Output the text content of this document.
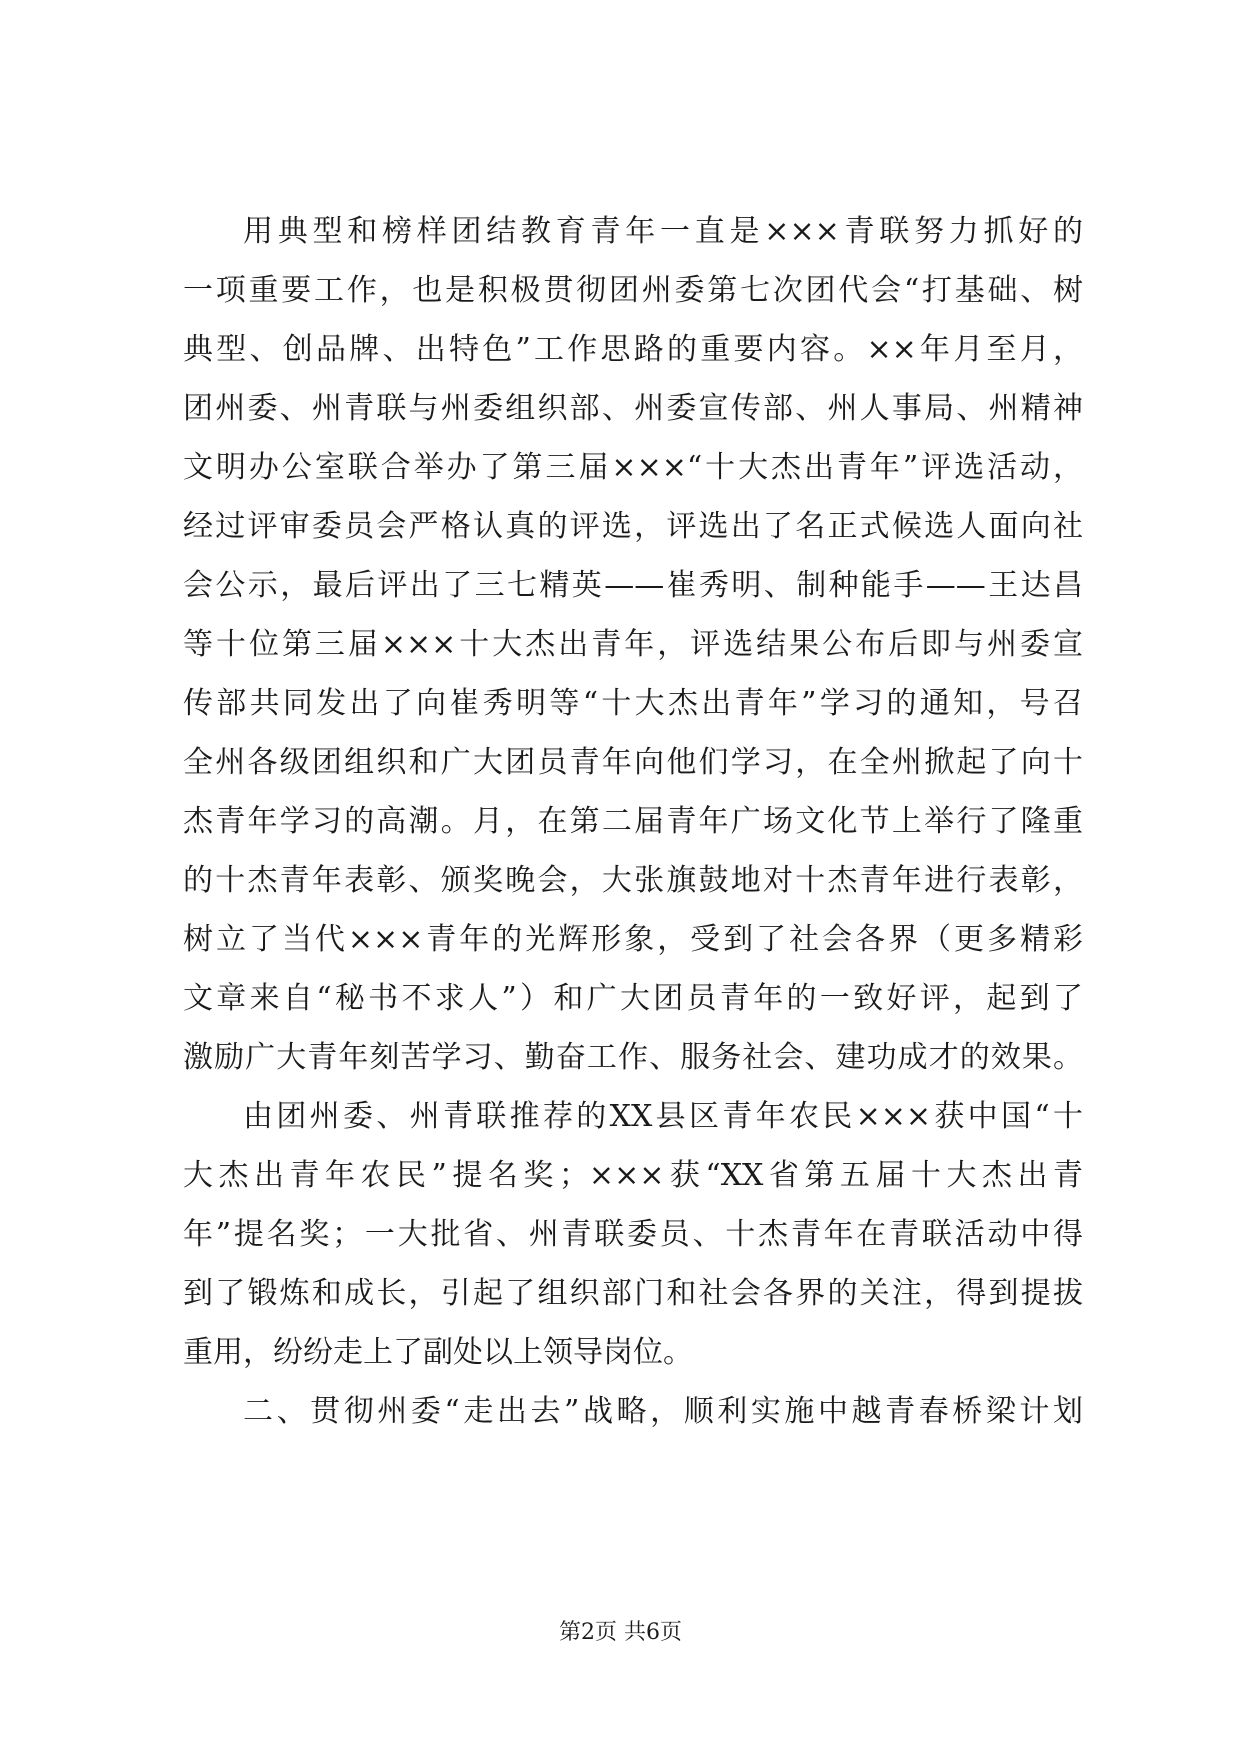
用典型和榜样团结教育青年一直是×××青联努力抓好的
一项重要工作，也是积极贯彻团州委第七次团代会“打基础、树
典型、创品牌、出特色”工作思路的重要内容。××年月至月，
团州委、州青联与州委组织部、州委宣传部、州人事局、州精神
文明办公室联合举办了第三届×××“十大杰出青年”评选活动，
经过评审委员会严格认真的评选，评选出了名正式候选人面向社
会公示，最后评出了三七精英——崔秀明、制种能手——王达昌
等十位第三届×××十大杰出青年，评选结果公布后即与州委宣
传部共同发出了向崔秀明等“十大杰出青年”学习的通知，号召
全州各级团组织和广大团员青年向他们学习，在全州掀起了向十
杰青年学习的高潮。月，在第二届青年广场文化节上举行了隆重
的十杰青年表彰、颁奖晚会，大张旗鼓地对十杰青年进行表彰，
树立了当代×××青年的光辉形象，受到了社会各界（更多精彩
文章来自“秘书不求人”）和广大团员青年的一致好评，起到了
激励广大青年刻苦学习、勤奋工作、服务社会、建功成才的效果。
由团州委、州青联推荐的XX县区青年农民×××获中国“十
大杰出青年农民”提名奖；×××获“XX省第五届十大杰出青
年”提名奖；一大批省、州青联委员、十杰青年在青联活动中得
到了锻炼和成长，引起了组织部门和社会各界的关注，得到提拔
重用，纷纷走上了副处以上领导岗位。
二、贯彻州委“走出去”战略，顺利实施中越青春桥梁计划
第2页 共6页
